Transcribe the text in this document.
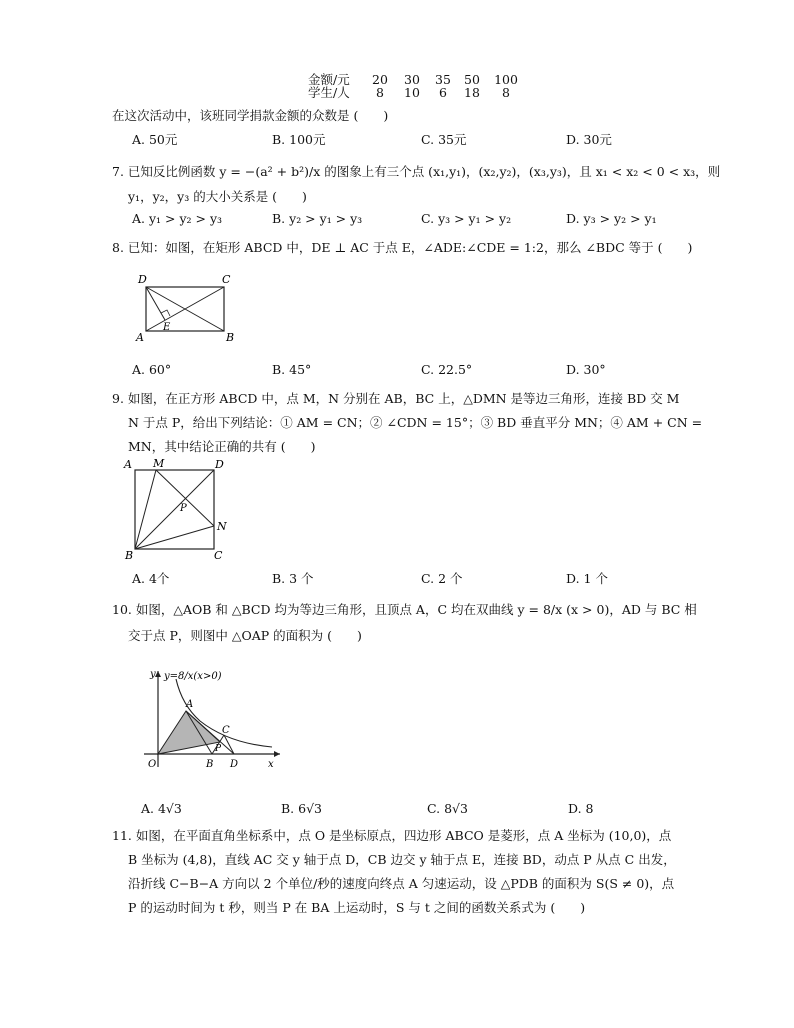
金额/元	20	30	35	50	100
学生/人	8	10	6	18	8
在这次活动中，该班同学捐款金额的众数是 (　　)
A. 50元	B. 100元	C. 35元	D. 30元
7. 已知反比例函数 y = −(a² + b²)/x 的图象上有三个点 (x₁,y₁)，(x₂,y₂)，(x₃,y₃)，且 x₁ < x₂ < 0 < x₃，则
y₁，y₂，y₃ 的大小关系是 (　　)
A. y₁ > y₂ > y₃	B. y₂ > y₁ > y₃	C. y₃ > y₁ > y₂	D. y₃ > y₂ > y₁
8. 已知：如图，在矩形 ABCD 中，DE ⊥ AC 于点 E，∠ADE:∠CDE = 1:2，那么 ∠BDC 等于 (　　)
D	C
A	B
E
A. 60°	B. 45°	C. 22.5°	D. 30°
9. 如图，在正方形 ABCD 中，点 M，N 分别在 AB，BC 上，△DMN 是等边三角形，连接 BD 交 M
N 于点 P，给出下列结论：① AM = CN；② ∠CDN = 15°；③ BD 垂直平分 MN；④ AM + CN =
MN，其中结论正确的共有 (　　)
A M	D
P
N
B	C
A. 4个	B. 3 个	C. 2 个	D. 1 个
10. 如图，△AOB 和 △BCD 均为等边三角形，且顶点 A，C 均在双曲线 y = 8/x (x > 0)，AD 与 BC 相
交于点 P，则图中 △OAP 的面积为 (　　)
y=8/x(x>0)
y
x
O
A
B
C
D
P
A. 4√3	B. 6√3	C. 8√3	D. 8
11. 如图，在平面直角坐标系中，点 O 是坐标原点，四边形 ABCO 是菱形，点 A 坐标为 (10,0)，点
B 坐标为 (4,8)，直线 AC 交 y 轴于点 D，CB 边交 y 轴于点 E，连接 BD，动点 P 从点 C 出发，
沿折线 C−B−A 方向以 2 个单位/秒的速度向终点 A 匀速运动，设 △PDB 的面积为 S(S ≠ 0)，点
P 的运动时间为 t 秒，则当 P 在 BA 上运动时，S 与 t 之间的函数关系式为 (　　)
